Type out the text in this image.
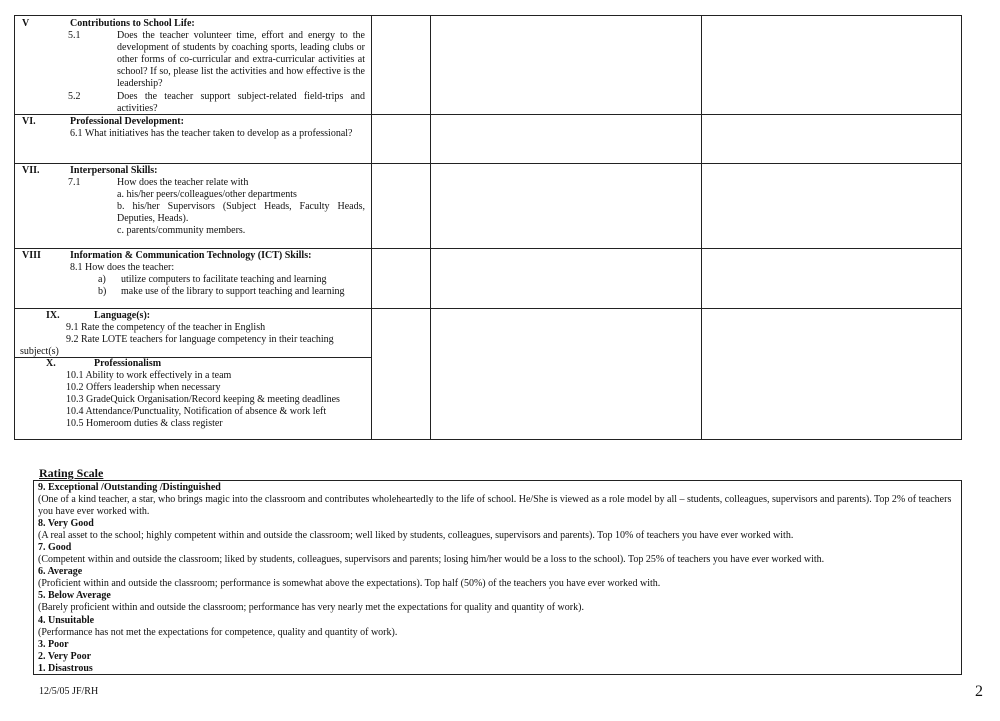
V	Contributions to School Life:
5.1	Does the teacher volunteer time, effort and energy to the development of students by coaching sports, leading clubs or other forms of co-curricular and extra-curricular activities at school? If so, please list the activities and how effective is the leadership?
5.2	Does the teacher support subject-related field-trips and activities?
VI.	Professional Development:
6.1 What initiatives has the teacher taken to develop as a professional?
VII.	Interpersonal Skills:
7.1	How does the teacher relate with
a. his/her peers/colleagues/other departments
b. his/her Supervisors (Subject Heads, Faculty Heads, Deputies, Heads).
c. parents/community members.
VIII	Information & Communication Technology (ICT) Skills:
8.1 How does the teacher:
a) utilize computers to facilitate teaching and learning
b) make use of the library to support teaching and learning
IX.	Language(s):
9.1 Rate the competency of the teacher in English
9.2 Rate LOTE teachers for language competency in their teaching
subject(s)
X.	Professionalism
10.1 Ability to work effectively in a team
10.2 Offers leadership when necessary
10.3 GradeQuick Organisation/Record keeping & meeting deadlines
10.4 Attendance/Punctuality, Notification of absence & work left
10.5 Homeroom duties & class register
Rating Scale
9. Exceptional /Outstanding /Distinguished
(One of a kind teacher, a star, who brings magic into the classroom and contributes wholeheartedly to the life of school. He/She is viewed as a role model by all – students, colleagues, supervisors and parents). Top 2% of teachers you have ever worked with.
8. Very Good
(A real asset to the school; highly competent within and outside the classroom; well liked by students, colleagues, supervisors and parents). Top 10% of teachers you have ever worked with.
7. Good
(Competent within and outside the classroom; liked by students, colleagues, supervisors and parents; losing him/her would be a loss to the school). Top 25% of teachers you have ever worked with.
6. Average
(Proficient within and outside the classroom; performance is somewhat above the expectations). Top half (50%) of the teachers you have ever worked with.
5. Below Average
(Barely proficient within and outside the classroom; performance has very nearly met the expectations for quality and quantity of work).
4. Unsuitable
(Performance has not met the expectations for competence, quality and quantity of work).
3. Poor
2. Very Poor
1. Disastrous
12/5/05 JF/RH	2
